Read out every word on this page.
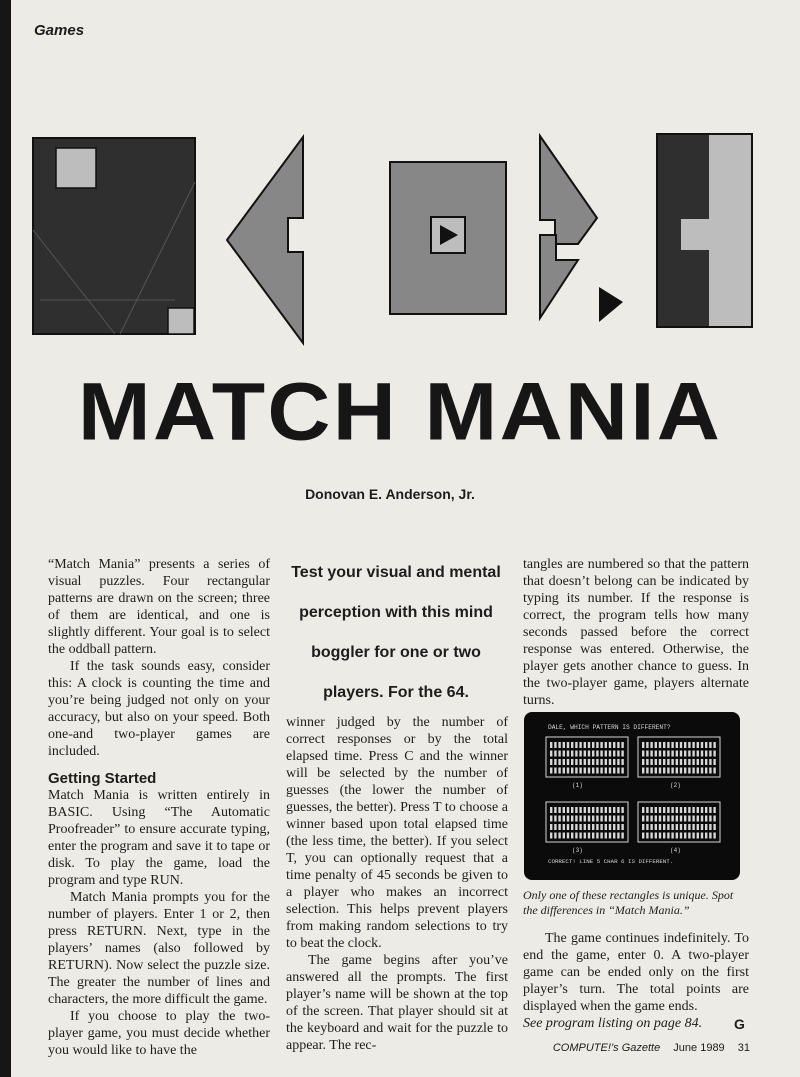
Games
MATCH MANIA
Donovan E. Anderson, Jr.

“Match Mania” presents a series of visual puzzles. Four rectangular patterns are drawn on the screen; three of them are identical, and one is slightly different. Your goal is to select the oddball pattern.

If the task sounds easy, consider this: A clock is counting the time and you’re being judged not only on your accuracy, but also on your speed. Both one-and two-player games are included.

Getting Started

Match Mania is written entirely in BASIC. Using “The Automatic Proofreader” to ensure accurate typing, enter the program and save it to tape or disk. To play the game, load the program and type RUN.

Match Mania prompts you for the number of players. Enter 1 or 2, then press RETURN. Next, type in the players’ names (also followed by RETURN). Now select the puzzle size. The greater the number of lines and characters, the more difficult the game.

If you choose to play the two-player game, you must decide whether you would like to have the

Test your visual and mental perception with this mind boggler for one or two players. For the 64.

winner judged by the number of correct responses or by the total elapsed time. Press C and the winner will be selected by the number of guesses (the lower the number of guesses, the better). Press T to choose a winner based upon total elapsed time (the less time, the better). If you select T, you can optionally request that a time penalty of 45 seconds be given to a player who makes an incorrect selection. This helps prevent players from making random selections to try to beat the clock.

The game begins after you’ve answered all the prompts. The first player’s name will be shown at the top of the screen. That player should sit at the keyboard and wait for the puzzle to appear. The rec-

tangles are numbered so that the pattern that doesn’t belong can be indicated by typing its number. If the response is correct, the program tells how many seconds passed before the correct response was entered. Otherwise, the player gets another chance to guess. In the two-player game, players alternate turns.

DALE, WHICH PATTERN IS DIFFERENT?
(1)	(2)
(3)	(4)
CORRECT! LINE 5 CHAR 6 IS DIFFERENT.
Only one of these rectangles is unique. Spot the differences in “Match Mania.”

The game continues indefinitely. To end the game, enter 0. A two-player game can be ended only on the first player’s turn. The total points are displayed when the game ends.

See program listing on page 84.	G
COMPUTE!’s Gazette June 1989 31
